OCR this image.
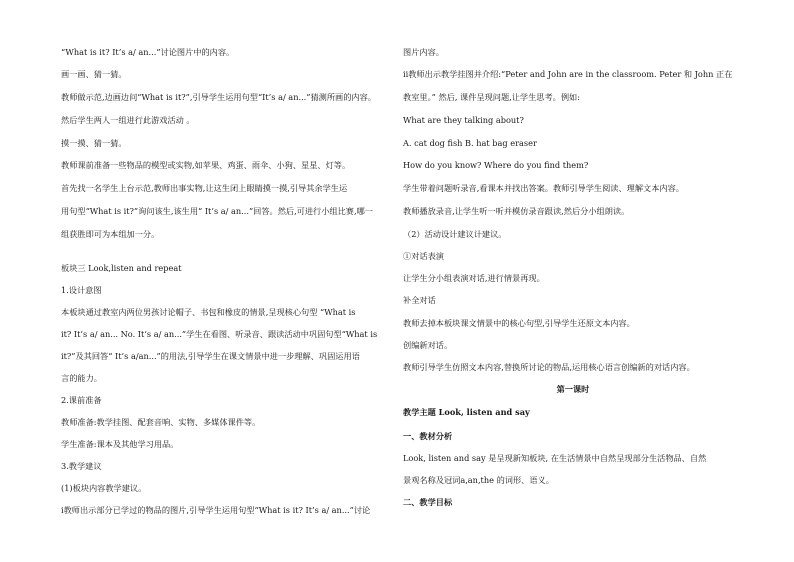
“What is it? It’s a/ an...”讨论图片中的内容。
画一画、猜一猜。
教师做示范,边画边问“What is it?”,引导学生运用句型“It’s a/ an...”猜测所画的内容。
然后学生两人一组进行此游戏活动 。
摸一摸、猜一猜。
教师课前准备一些物品的模型或实物,如苹果、鸡蛋、雨伞、小狗、星星、灯等。
首先找一名学生上台示范,教师出事实物,让这生闭上眼睛摸一摸,引导其余学生运
用句型“What is it?”询问该生,该生用“ It’s a/ an...”回答。然后,可进行小组比赛,哪一
组获胜即可为本组加一分。
板块三 Look,listen and repeat
1.设计意图
本板块通过教室内两位男孩讨论帽子、书包和橡皮的情景,呈现核心句型 “What is
it? It’s a/ an... No. It’s a/ an...”学生在看图、听录音、跟读活动中巩固句型“What is
it?”及其回答“ It’s a/an...”的用法,引导学生在课文情景中进一步理解、巩固运用语
言的能力。
2.课前准备
教师准备:教学挂图、配套音响、实物、多媒体课件等。
学生准备:课本及其他学习用品。
3.教学建议
(1)板块内容教学建议。
ⅰ教师出示部分已学过的物品的图片,引导学生运用句型“What is it? It’s a/ an...”讨论
图片内容。
ⅱ教师出示教学挂图并介绍:“Peter and John are in the classroom. Peter 和 John 正在
教室里。” 然后, 课件呈现问题,让学生思考。例如:
What are they talking about?
A. cat dog fish B. hat bag eraser
How do you know? Where do you find them?
学生带着问题听录音,看课本并找出答案。教师引导学生阅读、理解文本内容。
教师播放录音,让学生听一听并模仿录音跟读,然后分小组朗读。
（2）活动设计建议计建议。
①对话表演
让学生分小组表演对话,进行情景再现。
补全对话
教师去掉本板块课文情景中的核心句型,引导学生还原文本内容。
创编新对话。
教师引导学生仿照文本内容,替换所讨论的物品,运用核心语言创编新的对话内容。
第一课时
教学主题 Look, listen and say
一、教材分析
Look, listen and say 是呈现新知板块, 在生活情景中自然呈现部分生活物品、自然
景观名称及冠词a,an,the 的词形、语义。
二、教学目标
